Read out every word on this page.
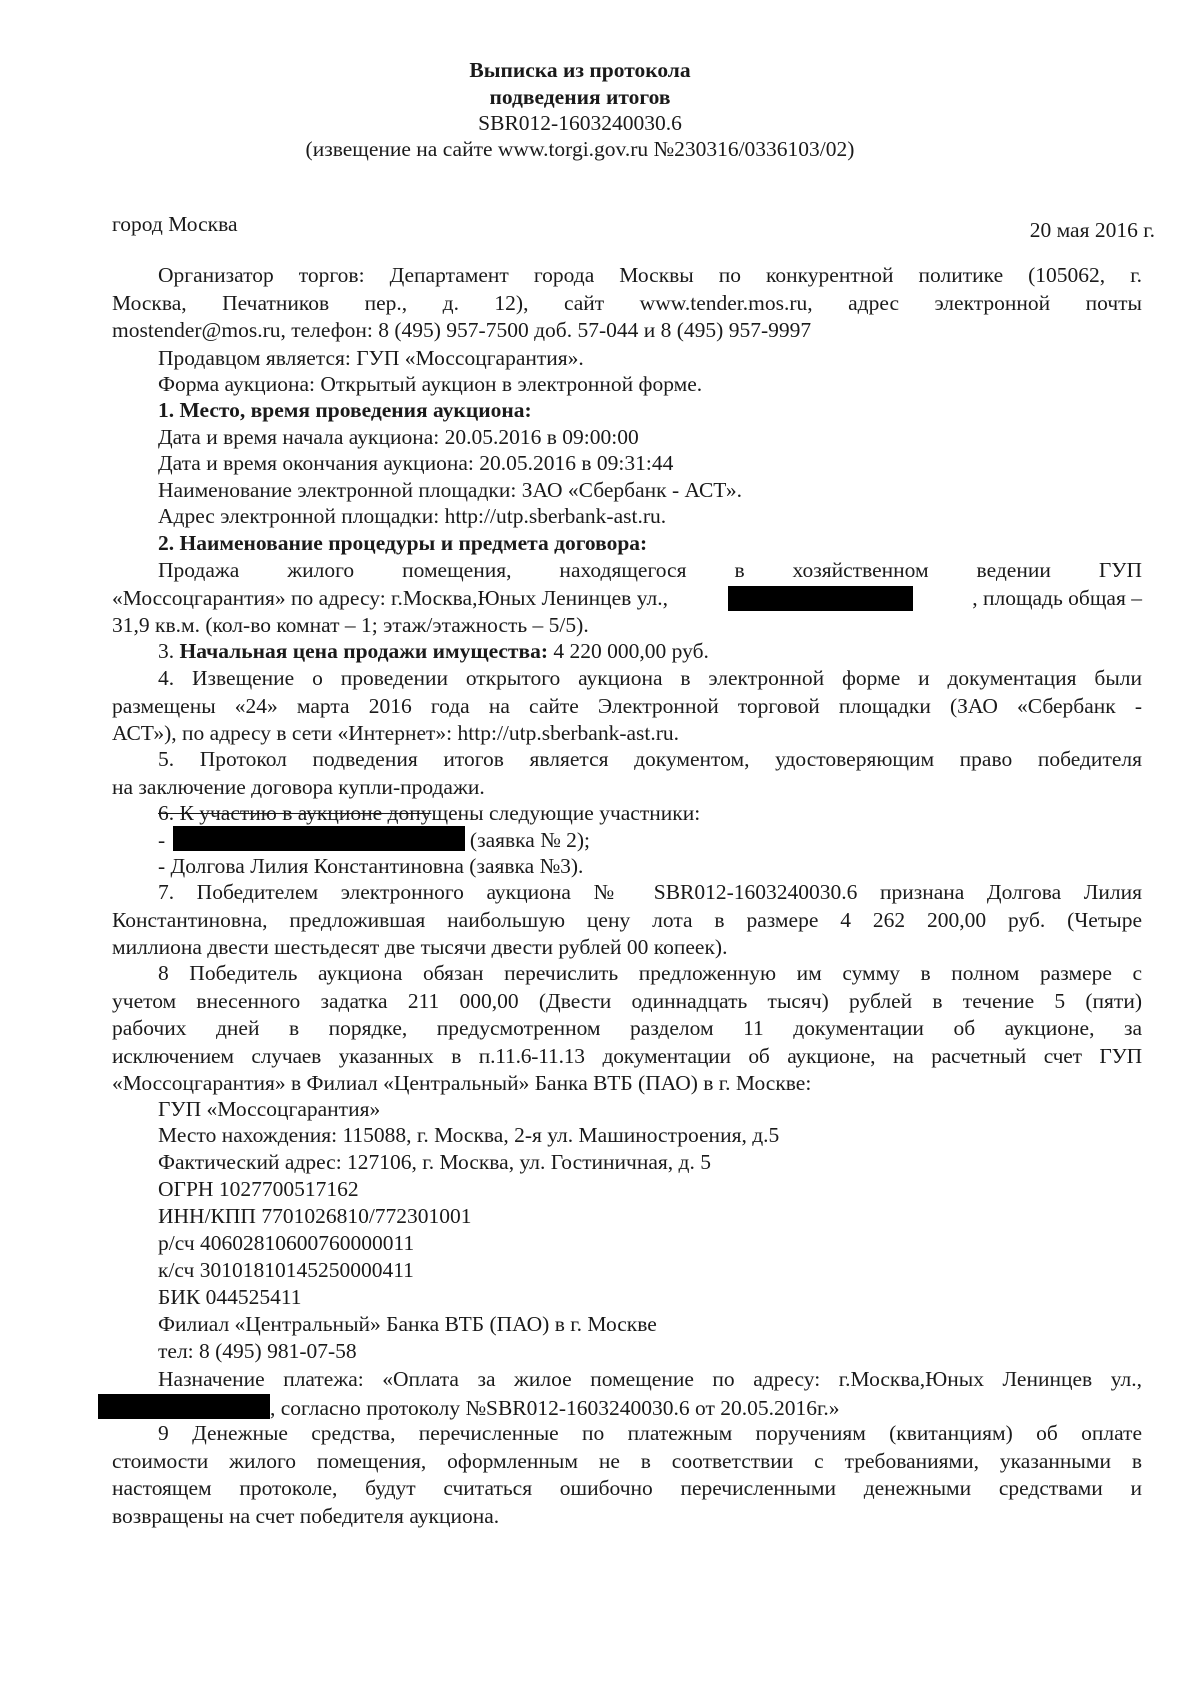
Выписка из протокола
подведения итогов
SBR012-1603240030.6
(извещение на сайте www.torgi.gov.ru №230316/0336103/02)
город Москва	20 мая 2016 г.
Организатор торгов: Департамент города Москвы по конкурентной политике (105062, г.
Москва, Печатников пер., д. 12), сайт www.tender.mos.ru, адрес электронной почты
mostender@mos.ru, телефон: 8 (495) 957-7500 доб. 57-044 и 8 (495) 957-9997
Продавцом является: ГУП «Моссоцгарантия».
Форма аукциона: Открытый аукцион в электронной форме.
1. Место, время проведения аукциона:
Дата и время начала аукциона: 20.05.2016 в 09:00:00
Дата и время окончания аукциона: 20.05.2016 в 09:31:44
Наименование электронной площадки: ЗАО «Сбербанк - АСТ».
Адрес электронной площадки: http://utp.sberbank-ast.ru.
2. Наименование процедуры и предмета договора:
Продажа жилого помещения, находящегося в хозяйственном ведении ГУП
«Моссоцгарантия» по адресу: г.Москва,Юных Ленинцев ул.,	, площадь общая –
31,9 кв.м. (кол-во комнат – 1; этаж/этажность – 5/5).
3. Начальная цена продажи имущества: 4 220 000,00 руб.
4. Извещение о проведении открытого аукциона в электронной форме и документация были
размещены «24» марта 2016 года на сайте Электронной торговой площадки (ЗАО «Сбербанк -
АСТ»), по адресу в сети «Интернет»: http://utp.sberbank-ast.ru.
5. Протокол подведения итогов является документом, удостоверяющим право победителя
на заключение договора купли-продажи.
6. К участию в аукционе допущены следующие участники:
-	(заявка № 2);
- Долгова Лилия Константиновна (заявка №3).
7. Победителем электронного аукциона № SBR012-1603240030.6 признана Долгова Лилия
Константиновна, предложившая наибольшую цену лота в размере 4 262 200,00 руб. (Четыре
миллиона двести шестьдесят две тысячи двести рублей 00 копеек).
8 Победитель аукциона обязан перечислить предложенную им сумму в полном размере с
учетом внесенного задатка 211 000,00 (Двести одиннадцать тысяч) рублей в течение 5 (пяти)
рабочих дней в порядке, предусмотренном разделом 11 документации об аукционе, за
исключением случаев указанных в п.11.6-11.13 документации об аукционе, на расчетный счет ГУП
«Моссоцгарантия» в Филиал «Центральный» Банка ВТБ (ПАО) в г. Москве:
ГУП «Моссоцгарантия»
Место нахождения: 115088, г. Москва, 2-я ул. Машиностроения, д.5
Фактический адрес: 127106, г. Москва, ул. Гостиничная, д. 5
ОГРН 1027700517162
ИНН/КПП 7701026810/772301001
р/сч 40602810600760000011
к/сч 30101810145250000411
БИК 044525411
Филиал «Центральный» Банка ВТБ (ПАО) в г. Москве
тел: 8 (495) 981-07-58
Назначение платежа: «Оплата за жилое помещение по адресу: г.Москва,Юных Ленинцев ул.,
, согласно протоколу №SBR012-1603240030.6 от 20.05.2016г.»
9 Денежные средства, перечисленные по платежным поручениям (квитанциям) об оплате
стоимости жилого помещения, оформленным не в соответствии с требованиями, указанными в
настоящем протоколе, будут считаться ошибочно перечисленными денежными средствами и
возвращены на счет победителя аукциона.
